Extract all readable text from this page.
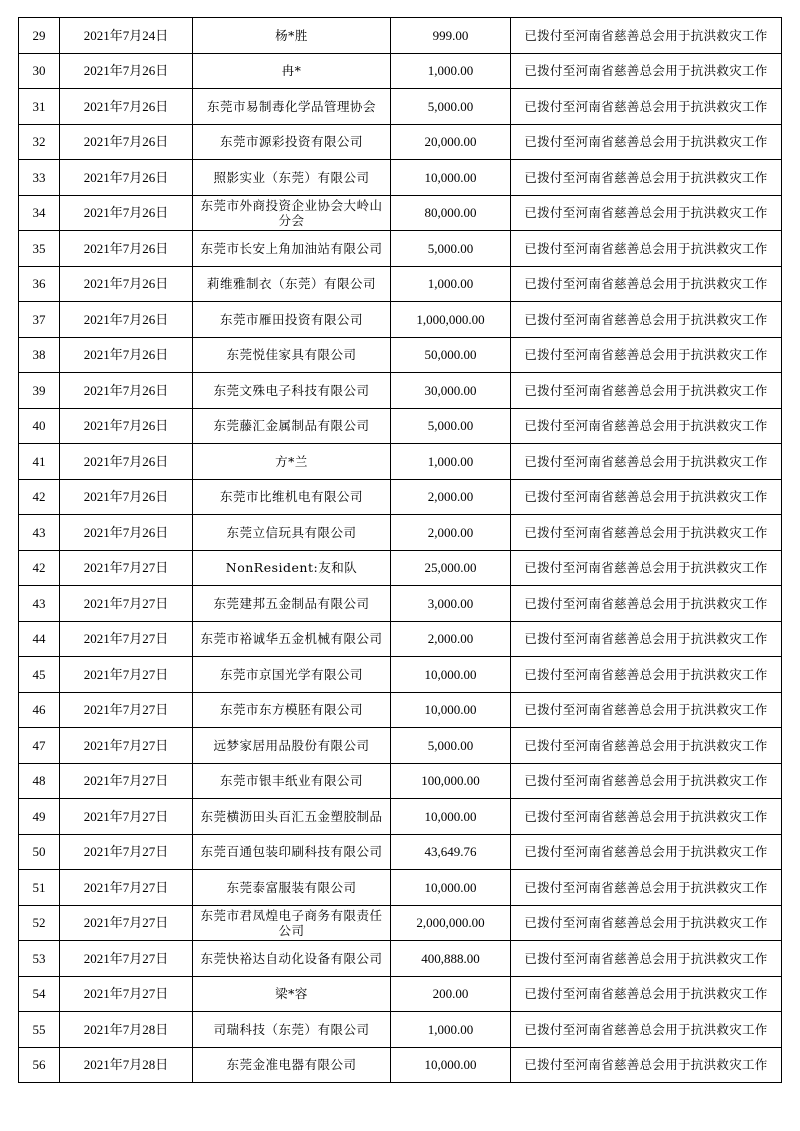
29	2021年7月24日	杨*胜	999.00	已拨付至河南省慈善总会用于抗洪救灾工作
30	2021年7月26日	冉*	1,000.00	已拨付至河南省慈善总会用于抗洪救灾工作
31	2021年7月26日	东莞市易制毒化学品管理协会	5,000.00	已拨付至河南省慈善总会用于抗洪救灾工作
32	2021年7月26日	东莞市源彩投资有限公司	20,000.00	已拨付至河南省慈善总会用于抗洪救灾工作
33	2021年7月26日	照影实业（东莞）有限公司	10,000.00	已拨付至河南省慈善总会用于抗洪救灾工作
34	2021年7月26日	东莞市外商投资企业协会大岭山分会	80,000.00	已拨付至河南省慈善总会用于抗洪救灾工作
35	2021年7月26日	东莞市长安上角加油站有限公司	5,000.00	已拨付至河南省慈善总会用于抗洪救灾工作
36	2021年7月26日	莉维雅制衣（东莞）有限公司	1,000.00	已拨付至河南省慈善总会用于抗洪救灾工作
37	2021年7月26日	东莞市雁田投资有限公司	1,000,000.00	已拨付至河南省慈善总会用于抗洪救灾工作
38	2021年7月26日	东莞悦佳家具有限公司	50,000.00	已拨付至河南省慈善总会用于抗洪救灾工作
39	2021年7月26日	东莞文殊电子科技有限公司	30,000.00	已拨付至河南省慈善总会用于抗洪救灾工作
40	2021年7月26日	东莞藤汇金属制品有限公司	5,000.00	已拨付至河南省慈善总会用于抗洪救灾工作
41	2021年7月26日	方*兰	1,000.00	已拨付至河南省慈善总会用于抗洪救灾工作
42	2021年7月26日	东莞市比维机电有限公司	2,000.00	已拨付至河南省慈善总会用于抗洪救灾工作
43	2021年7月26日	东莞立信玩具有限公司	2,000.00	已拨付至河南省慈善总会用于抗洪救灾工作
42	2021年7月27日	NonResident:友和队	25,000.00	已拨付至河南省慈善总会用于抗洪救灾工作
43	2021年7月27日	东莞建邦五金制品有限公司	3,000.00	已拨付至河南省慈善总会用于抗洪救灾工作
44	2021年7月27日	东莞市裕诚华五金机械有限公司	2,000.00	已拨付至河南省慈善总会用于抗洪救灾工作
45	2021年7月27日	东莞市京国光学有限公司	10,000.00	已拨付至河南省慈善总会用于抗洪救灾工作
46	2021年7月27日	东莞市东方模胚有限公司	10,000.00	已拨付至河南省慈善总会用于抗洪救灾工作
47	2021年7月27日	远梦家居用品股份有限公司	5,000.00	已拨付至河南省慈善总会用于抗洪救灾工作
48	2021年7月27日	东莞市银丰纸业有限公司	100,000.00	已拨付至河南省慈善总会用于抗洪救灾工作
49	2021年7月27日	东莞横沥田头百汇五金塑胶制品	10,000.00	已拨付至河南省慈善总会用于抗洪救灾工作
50	2021年7月27日	东莞百通包装印刷科技有限公司	43,649.76	已拨付至河南省慈善总会用于抗洪救灾工作
51	2021年7月27日	东莞泰富服装有限公司	10,000.00	已拨付至河南省慈善总会用于抗洪救灾工作
52	2021年7月27日	东莞市君凤煌电子商务有限责任公司	2,000,000.00	已拨付至河南省慈善总会用于抗洪救灾工作
53	2021年7月27日	东莞快裕达自动化设备有限公司	400,888.00	已拨付至河南省慈善总会用于抗洪救灾工作
54	2021年7月27日	梁*容	200.00	已拨付至河南省慈善总会用于抗洪救灾工作
55	2021年7月28日	司瑞科技（东莞）有限公司	1,000.00	已拨付至河南省慈善总会用于抗洪救灾工作
56	2021年7月28日	东莞金准电器有限公司	10,000.00	已拨付至河南省慈善总会用于抗洪救灾工作
